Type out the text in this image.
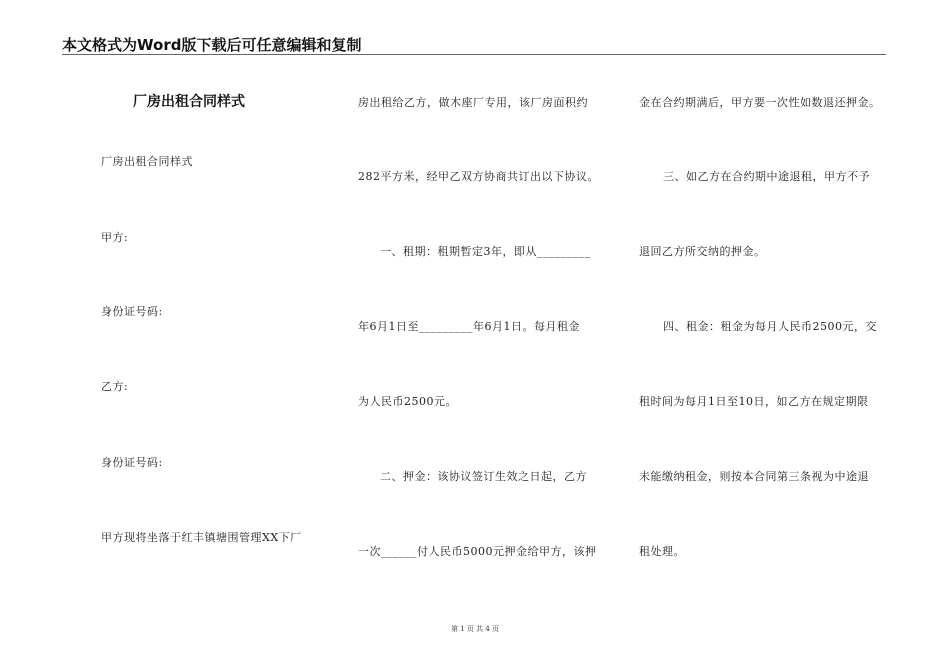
本文格式为Word版下载后可任意编辑和复制
厂房出租合同样式
厂房出租合同样式
甲方:
身份证号码:
乙方:
身份证号码:
甲方现将坐落于红丰镇塘围管理XX下厂
房出租给乙方，做木座厂专用，该厂房面积约
282平方米，经甲乙双方协商共订出以下协议。
一、租期：租期暂定3年，即从_________
年6月1日至_________年6月1日。每月租金
为人民币2500元。
二、押金：该协议签订生效之日起，乙方
一次______付人民币5000元押金给甲方，该押
金在合约期满后，甲方要一次性如数退还押金。
三、如乙方在合约期中途退租，甲方不予
退回乙方所交纳的押金。
四、租金：租金为每月人民币2500元，交
租时间为每月1日至10日，如乙方在规定期限
未能缴纳租金，则按本合同第三条视为中途退
租处理。
第 1 页 共 4 页
